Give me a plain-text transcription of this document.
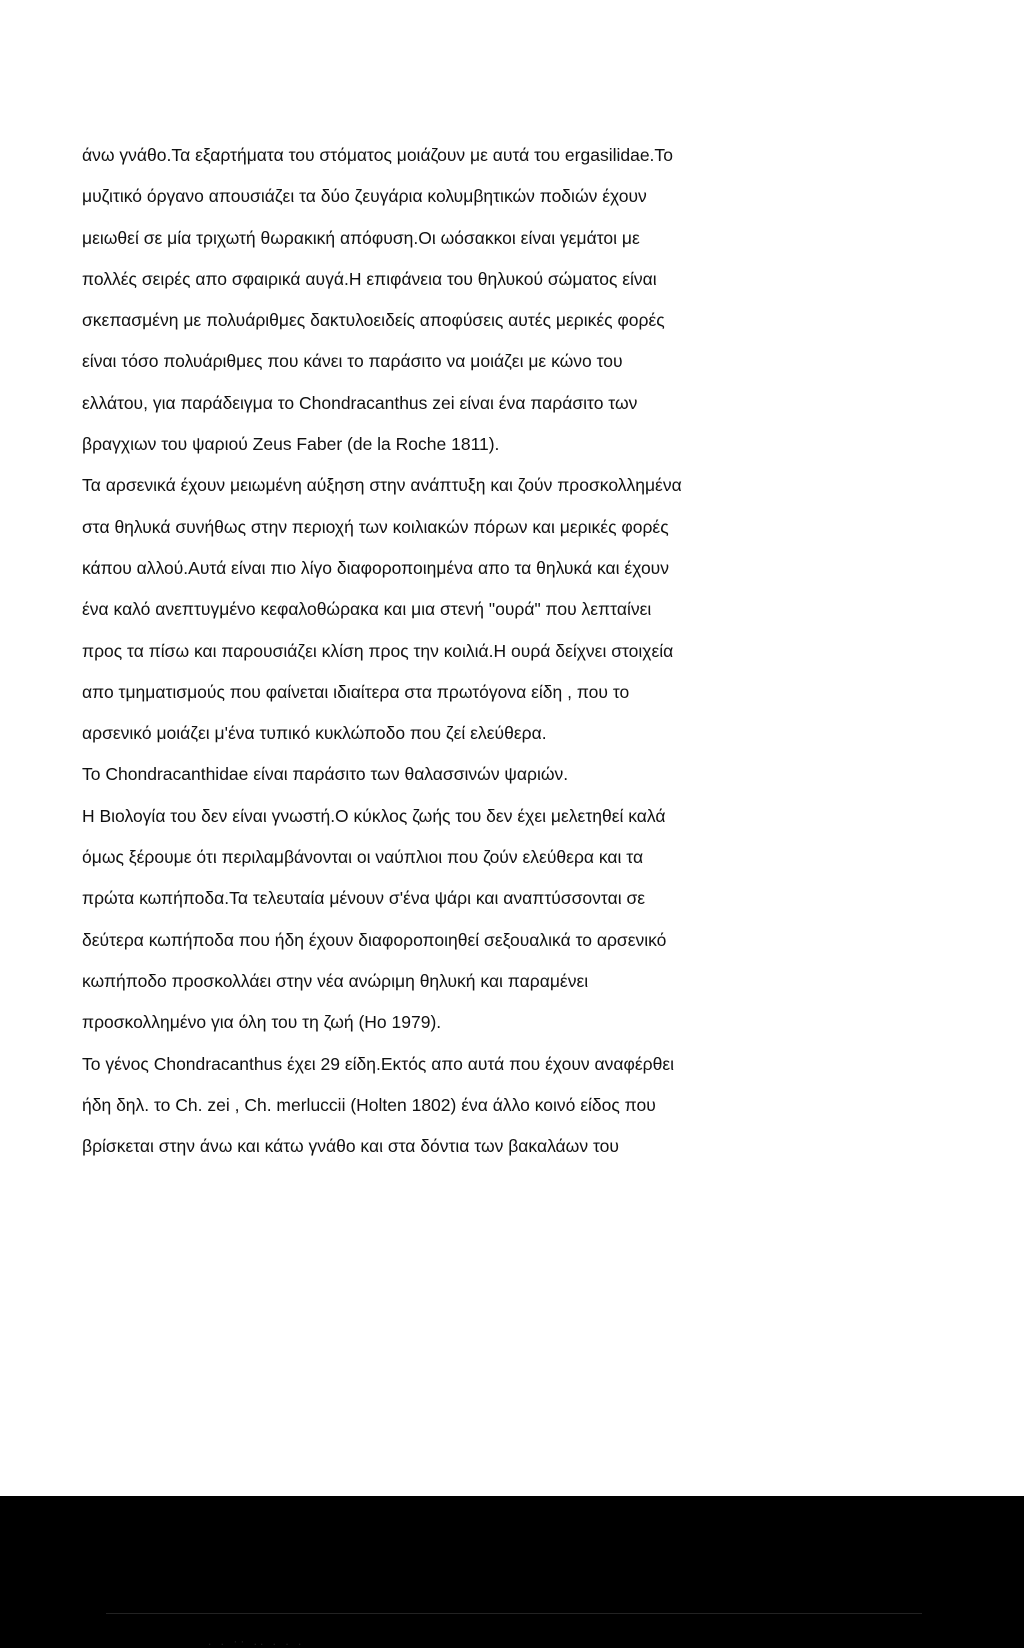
άνω γνάθο.Τα εξαρτήματα του στόματος μοιάζουν με αυτά του ergasilidae.Το
μυζιτικό όργανο απουσιάζει τα δύο ζευγάρια κολυμβητικών ποδιών έχουν
μειωθεί σε μία τριχωτή θωρακική απόφυση.Οι ωόσακκοι είναι γεμάτοι με
πολλές σειρές απο σφαιρικά αυγά.Η επιφάνεια του θηλυκού σώματος είναι
σκεπασμένη με πολυάριθμες δακτυλοειδείς αποφύσεις αυτές μερικές φορές
είναι τόσο πολυάριθμες που κάνει το παράσιτο να μοιάζει με κώνο του
ελλάτου, για παράδειγμα το Chondracanthus zei είναι ένα παράσιτο των
βραγχιων του ψαριού Zeus Faber (de la Roche 1811).
Τα αρσενικά έχουν μειωμένη αύξηση στην ανάπτυξη και ζούν προσκολλημένα
στα θηλυκά συνήθως στην περιοχή των κοιλιακών πόρων και μερικές φορές
κάπου αλλού.Αυτά είναι πιο λίγο διαφοροποιημένα απο τα θηλυκά και έχουν
ένα καλό ανεπτυγμένο κεφαλοθώρακα και μια στενή "ουρά" που λεπταίνει
προς τα πίσω και παρουσιάζει κλίση προς την κοιλιά.Η ουρά δείχνει στοιχεία
απο τμηματισμούς που φαίνεται ιδιαίτερα στα πρωτόγονα είδη , που το
αρσενικό μοιάζει μ'ένα τυπικό κυκλώποδο που ζεί ελεύθερα.
Το Chondracanthidae είναι παράσιτο των θαλασσινών ψαριών.
Η Βιολογία του δεν είναι γνωστή.Ο κύκλος ζωής του δεν έχει μελετηθεί καλά
όμως ξέρουμε ότι περιλαμβάνονται οι ναύπλιοι που ζούν ελεύθερα και τα
πρώτα κωπήποδα.Τα τελευταία μένουν σ'ένα ψάρι και αναπτύσσονται σε
δεύτερα κωπήποδα που ήδη έχουν διαφοροποιηθεί σεξουαλικά το αρσενικό
κωπήποδο προσκολλάει στην νέα ανώριμη θηλυκή και παραμένει
προσκολλημένο για όλη του τη ζωή (Ho 1979).
Το γένος Chondracanthus έχει 29 είδη.Εκτός απο αυτά που έχουν αναφέρθει
ήδη δηλ. το Ch. zei , Ch. merluccii (Holten 1802) ένα άλλο κοινό είδος που
βρίσκεται στην άνω και κάτω γνάθο και στα δόντια των βακαλάων του
. . ·· .. . . .
